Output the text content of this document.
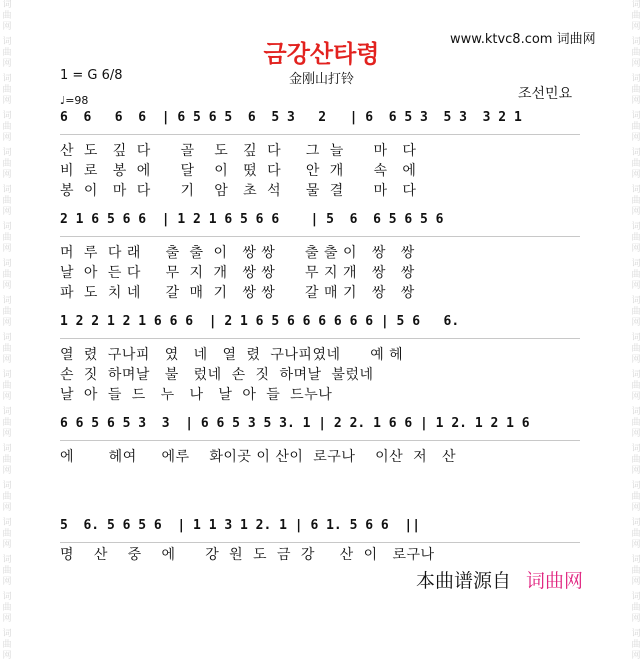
词
曲
网
词
曲
网
词
曲
网
词
曲
网
词
曲
网
词
曲
网
词
曲
网
词
曲
网
词
曲
网
词
曲
网
词
曲
网
词
曲
网
词
曲
网
词
曲
网
词
曲
网
词
曲
网
词
曲
网
词
曲
网
词
曲
网
词
曲
网
词
曲
网
词
曲
网
词
曲
网
词
曲
网
词
曲
网
词
曲
网
词
曲
网
词
曲
网
词
曲
网
词
曲
网
词
曲
网
词
曲
网
词
曲
网
词
曲
网
词
曲
网
词
曲
网
www.ktvc8.com 词曲网
금강산타령
金刚山打铃
1 = G 6/8
♩=98	조선민요
6  6   6  6  | 6 5 6 5  6  5 3   2   | 6  6 5 3  5 3  3 2 1
산  도   깊  다      골    도   깊  다     그  늘      마   다
비  로   봉  에      달    이   떴  다     안  개      속   에
봉  이   마  다      기    암   초  석     물  결      마   다
2 1 6 5 6 6  | 1 2 1 6 5 6 6    | 5  6  6 5 6 5 6
머  루  다 래     출  출  이   쌍 쌍      출 출 이   쌍   쌍
날  아  든 다     무  지  개   쌍 쌍      무 지 개   쌍   쌍
파  도  치 네     갈  매  기   쌍 쌍      갈 매 기   쌍   쌍
1 2 2 1 2 1 6 6 6  | 2 1 6 5 6 6 6 6 6 6 | 5 6   6.
열  렸  구나피   였   네   열  렸  구나피였네      예 헤
손  짓  하며날   불   렀네  손  짓  하며날  불렀네
날  아  들  드   누   나   날  아  들  드누나
6 6 5 6 5 3  3  | 6 6 5 3 5 3. 1 | 2 2. 1 6 6 | 1 2. 1 2 1 6
에       헤여     에루    화이곳 이 산이  로구나    이산  저   산
5  6. 5 6 5 6  | 1 1 3 1 2. 1 | 6 1. 5 6 6  ||
명    산    중    에      강  원  도  금  강     산  이   로구나
本曲谱源自 词曲网
